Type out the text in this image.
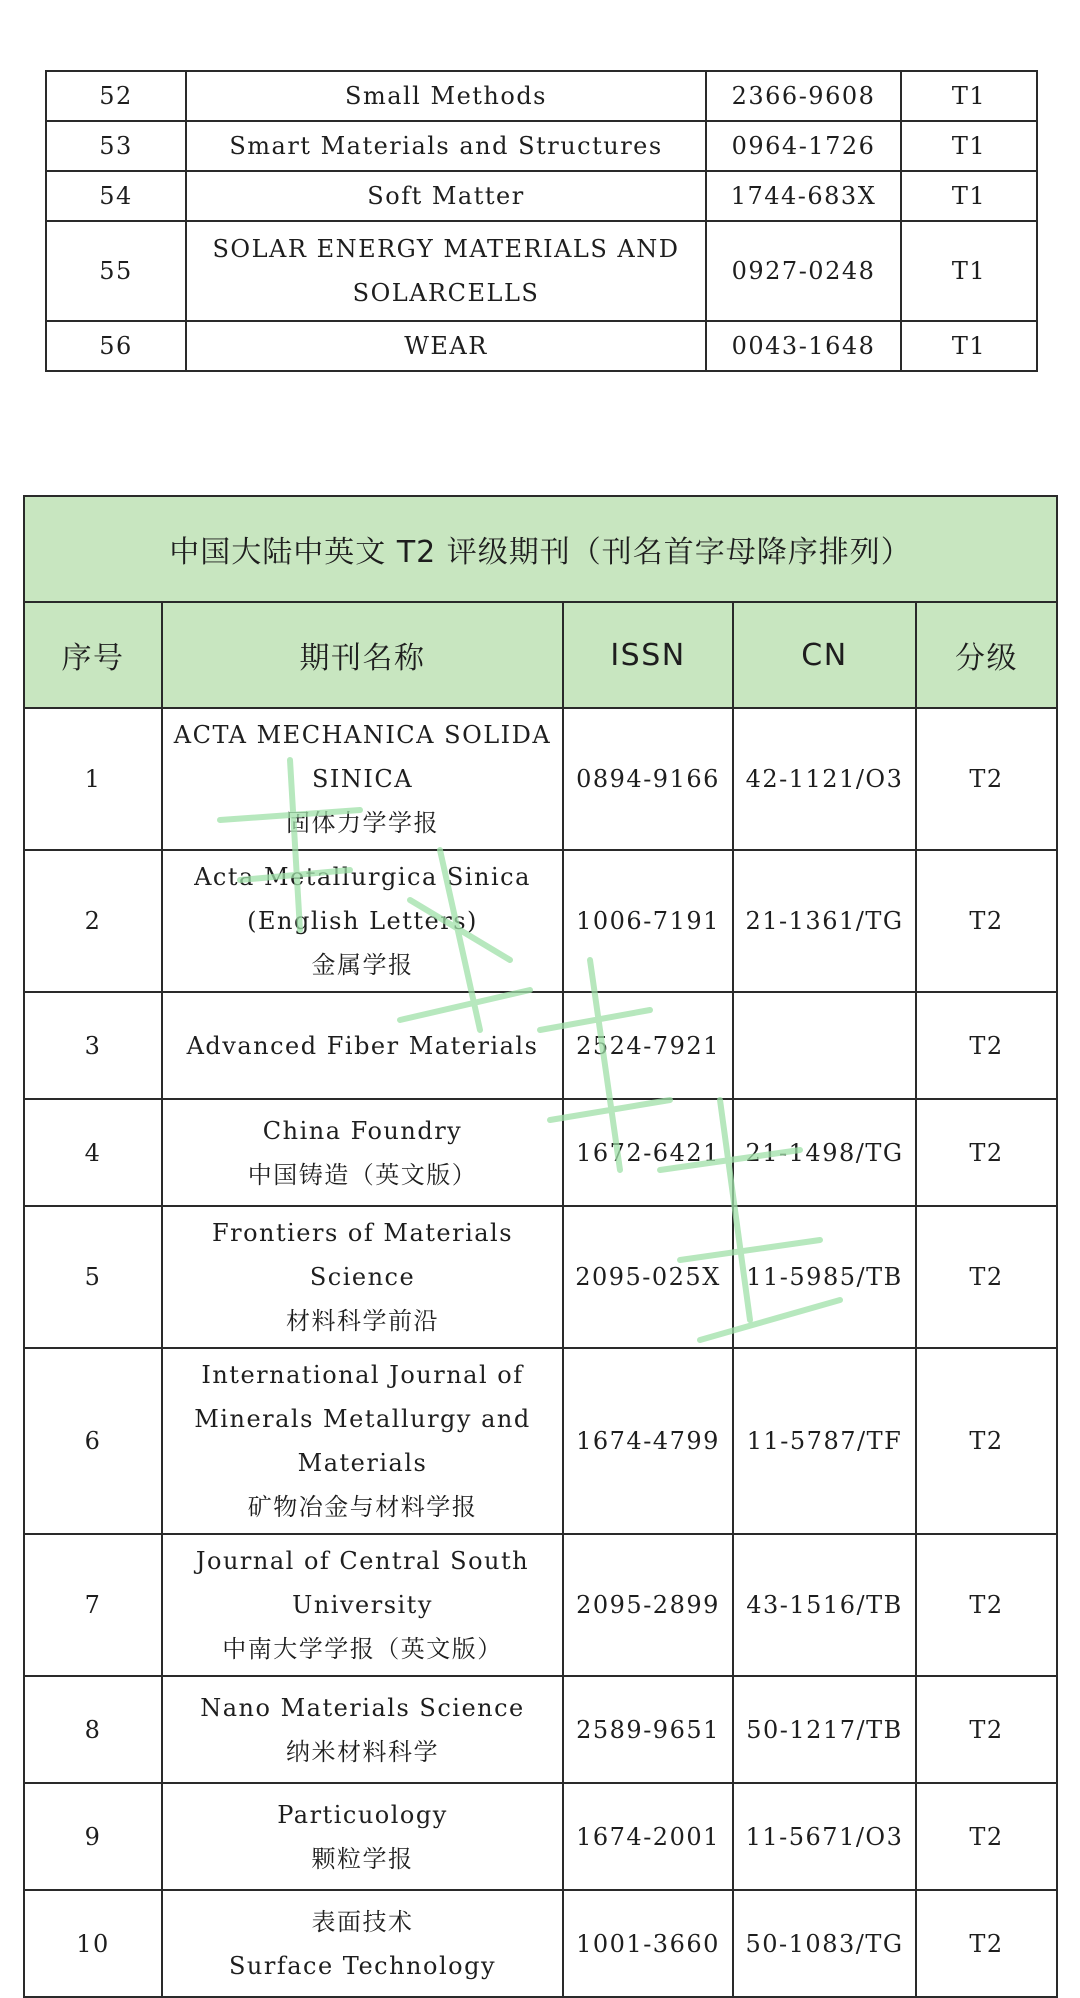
52	Small Methods	2366-9608	T1
53	Smart Materials and Structures	0964-1726	T1
54	Soft Matter	1744-683X	T1
55	SOLAR ENERGY MATERIALS AND SOLARCELLS	0927-0248	T1
56	WEAR	0043-1648	T1
中国大陆中英文 T2 评级期刊（刊名首字母降序排列）				
序号	期刊名称	ISSN	CN	分级
1	ACTA MECHANICA SOLIDA
SINICA
固体力学学报	0894-9166	42-1121/O3	T2
2	Acta Metallurgica Sinica
(English Letters)
金属学报	1006-7191	21-1361/TG	T2
3	Advanced Fiber Materials	2524-7921		T2
4	China Foundry
中国铸造（英文版）	1672-6421	21-1498/TG	T2
5	Frontiers of Materials
Science
材料科学前沿	2095-025X	11-5985/TB	T2
6	International Journal of
Minerals Metallurgy and
Materials
矿物冶金与材料学报	1674-4799	11-5787/TF	T2
7	Journal of Central South
University
中南大学学报（英文版）	2095-2899	43-1516/TB	T2
8	Nano Materials Science
纳米材料科学	2589-9651	50-1217/TB	T2
9	Particuology
颗粒学报	1674-2001	11-5671/O3	T2
10	表面技术
Surface Technology	1001-3660	50-1083/TG	T2
